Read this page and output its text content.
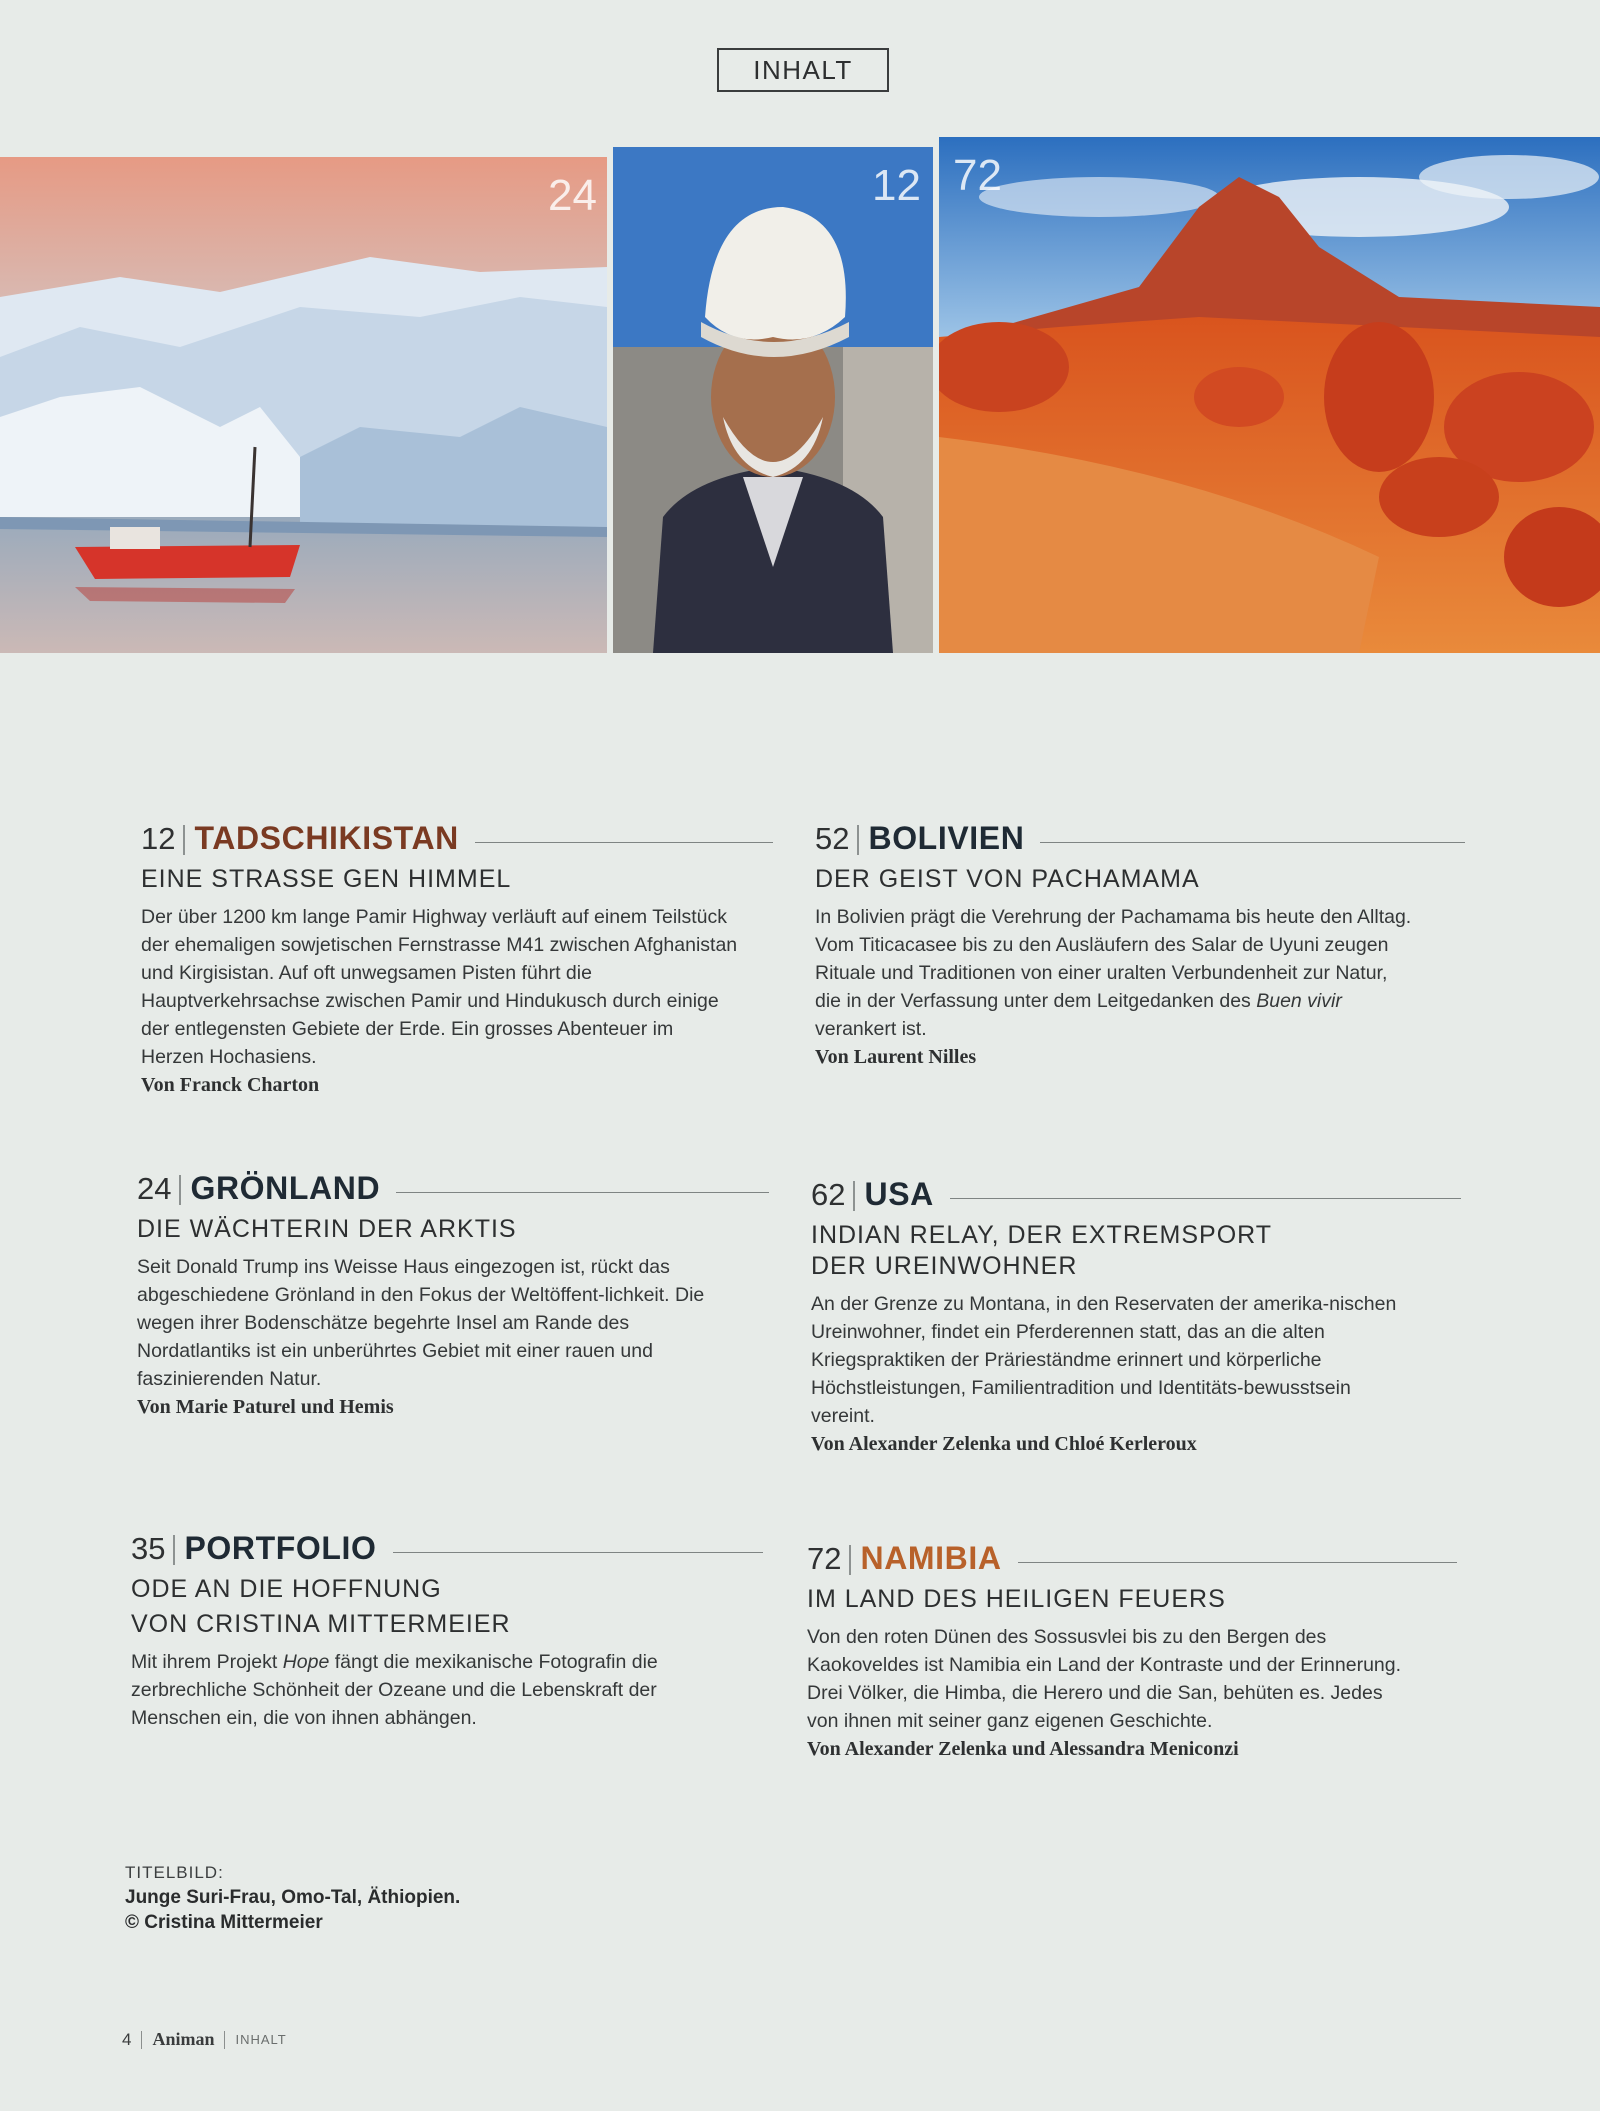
INHALT
24	12 72
12 TADSCHIKISTAN
EINE STRASSE GEN HIMMEL
Der über 1200 km lange Pamir Highway verläuft auf einem Teilstück der ehemaligen sowjetischen Fernstrasse M41 zwischen Afghanistan und Kirgisistan. Auf oft unwegsamen Pisten führt die Hauptverkehrsachse zwischen Pamir und Hindukusch durch einige der entlegensten Gebiete der Erde. Ein grosses Abenteuer im Herzen Hochasiens.
Von Franck Charton
52 BOLIVIEN
DER GEIST VON PACHAMAMA
In Bolivien prägt die Verehrung der Pachamama bis heute den Alltag. Vom Titicacasee bis zu den Ausläufern des Salar de Uyuni zeugen Rituale und Traditionen von einer uralten Verbundenheit zur Natur, die in der Verfassung unter dem Leitgedanken des Buen vivir verankert ist.
Von Laurent Nilles
24 GRÖNLAND
DIE WÄCHTERIN DER ARKTIS
Seit Donald Trump ins Weisse Haus eingezogen ist, rückt das abgeschiedene Grönland in den Fokus der Weltöffent-lichkeit. Die wegen ihrer Bodenschätze begehrte Insel am Rande des Nordatlantiks ist ein unberührtes Gebiet mit einer rauen und faszinierenden Natur.
Von Marie Paturel und Hemis
62 USA
INDIAN RELAY, DER EXTREMSPORT
DER UREINWOHNER
An der Grenze zu Montana, in den Reservaten der amerika-nischen Ureinwohner, findet ein Pferderennen statt, das an die alten Kriegspraktiken der Prärieständme erinnert und körperliche Höchstleistungen, Familientradition und Identitäts-bewusstsein vereint.
Von Alexander Zelenka und Chloé Kerleroux
35 PORTFOLIO
ODE AN DIE HOFFNUNG
VON CRISTINA MITTERMEIER
Mit ihrem Projekt Hope fängt die mexikanische Fotografin die zerbrechliche Schönheit der Ozeane und die Lebenskraft der Menschen ein, die von ihnen abhängen.
72 NAMIBIA
IM LAND DES HEILIGEN FEUERS
Von den roten Dünen des Sossusvlei bis zu den Bergen des Kaokoveldes ist Namibia ein Land der Kontraste und der Erinnerung. Drei Völker, die Himba, die Herero und die San, behüten es. Jedes von ihnen mit seiner ganz eigenen Geschichte.
Von Alexander Zelenka und Alessandra Meniconzi
TITELBILD:
Junge Suri-Frau, Omo-Tal, Äthiopien.
© Cristina Mittermeier
4 Animan INHALT
